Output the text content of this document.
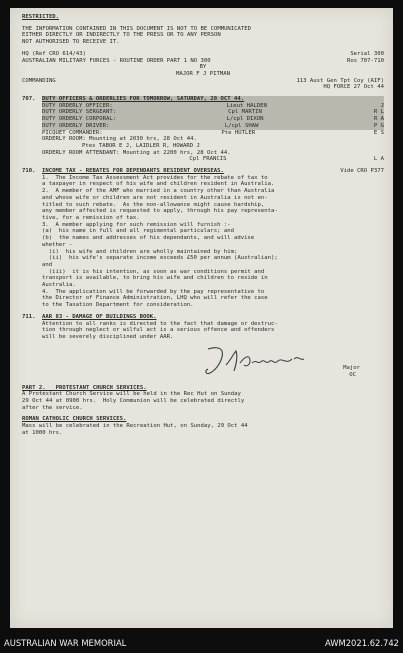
RESTRICTED.
THE INFORMATION CONTAINED IN THIS DOCUMENT IS NOT TO BE COMMUNICATED
EITHER DIRECTLY OR INDIRECTLY TO THE PRESS OR TO ANY PERSON
NOT AUTHORISED TO RECEIVE IT.
HQ (Ref CRO 614/43)	Serial 300
AUSTRALIAN MILITARY FORCES - ROUTINE ORDER PART 1 NO 300	Ros 707-710
BY
MAJOR F J PITMAN
COMMANDING	113 Aust Gen Tpt Coy (AIF)
HQ FORCE 27 Oct 44
707.	DUTY OFFICERS & ORDERLIES FOR TOMORROW, SATURDAY, 28 OCT 44.
DUTY ORDERLY OFFICER:	Lieut HALDEN	J
DUTY ORDERLY SERGEANT:	Cpl MARTIN	R L
DUTY ORDERLY CORPORAL:	L/cpl DIXON	R A
DUTY ORDERLY DRIVER:	L/cpl SHAW	P G
PICQUET COMMANDER:	Pte HUTLER	E S
ORDERLY ROOM: Mounting at 2030 hrs, 28 Oct 44.
Ptes TABOR E J, LAIDLER R, HOWARD J
ORDERLY ROOM ATTENDANT: Mounting at 2200 hrs, 28 Oct 44.
Cpl FRANCIS	L A
710.	INCOME TAX - REBATES FOR DEPENDANTS RESIDENT OVERSEAS.	Vide CRO P377
1.  The Income Tax Assessment Act provides for the rebate of tax to
a taxpayer in respect of his wife and children resident in Australia.
2.  A member of the AMF who married in a country other than Australia
and whose wife or children are not resident in Australia is not en-
titled to such rebate.  As the non-allowance might cause hardship,
any member affected is requested to apply, through his pay representa-
tive, for a remission of tax.
3.  A member applying for such remission will furnish :-
(a)  his name in full and all regimental particulars; and
(b)  the names and addresses of his dependants, and will advise
whether -
(i)  his wife and children are wholly maintained by him;
(ii)  his wife's separate income exceeds £50 per annum (Australian);
and
(iii)  it is his intention, as soon as war conditions permit and
transport is available, to bring his wife and children to reside in
Australia.
4.  The application will be forwarded by the pay representative to
the Director of Finance Administration, LHQ who will refer the case
to the Taxation Department for consideration.
711.	AAR 83 - DAMAGE OF BUILDINGS BOOK.
Attention to all ranks is directed to the fact that damage or destruc-
tion through neglect or wilful act is a serious offence and offenders
will be severely disciplined under AAR.
Major
OC
PART 2.   PROTESTANT CHURCH SERVICES.
A Protestant Church Service will be held in the Rec Hut on Sunday
29 Oct 44 at 0900 hrs.  Holy Communion will be celebrated directly
after the service.
ROMAN CATHOLIC CHURCH SERVICES.
Mass will be celebrated in the Recreation Hut, on Sunday, 29 Oct 44
at 1000 hrs.
AUSTRALIAN WAR MEMORIAL	AWM2021.62.742
